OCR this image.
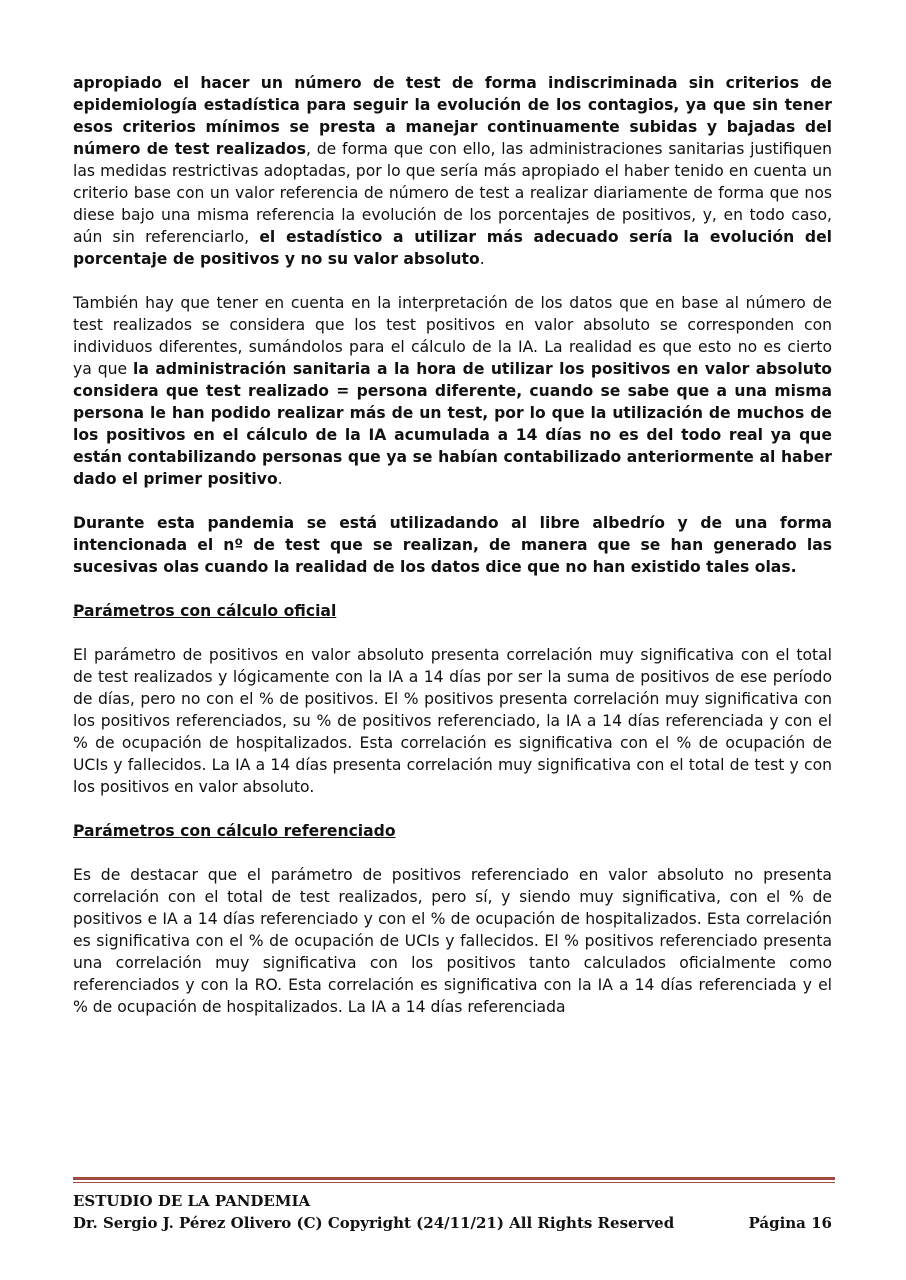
apropiado el hacer un número de test de forma indiscriminada sin criterios de epidemiología estadística para seguir la evolución de los contagios, ya que sin tener esos criterios mínimos se presta a manejar continuamente subidas y bajadas del número de test realizados, de forma que con ello, las administraciones sanitarias justifiquen las medidas restrictivas adoptadas, por lo que sería más apropiado el haber tenido en cuenta un criterio base con un valor referencia de número de test a realizar diariamente de forma que nos diese bajo una misma referencia la evolución de los porcentajes de positivos, y, en todo caso, aún sin referenciarlo, el estadístico a utilizar más adecuado sería la evolución del porcentaje de positivos y no su valor absoluto.

También hay que tener en cuenta en la interpretación de los datos que en base al número de test realizados se considera que los test positivos en valor absoluto se corresponden con individuos diferentes, sumándolos para el cálculo de la IA. La realidad es que esto no es cierto ya que la administración sanitaria a la hora de utilizar los positivos en valor absoluto considera que test realizado = persona diferente, cuando se sabe que a una misma persona le han podido realizar más de un test, por lo que la utilización de muchos de los positivos en el cálculo de la IA acumulada a 14 días no es del todo real ya que están contabilizando personas que ya se habían contabilizado anteriormente al haber dado el primer positivo.

Durante esta pandemia se está utilizadando al libre albedrío y de una forma intencionada el nº de test que se realizan, de manera que se han generado las sucesivas olas cuando la realidad de los datos dice que no han existido tales olas.

Parámetros con cálculo oficial

El parámetro de positivos en valor absoluto presenta correlación muy significativa con el total de test realizados y lógicamente con la IA a 14 días por ser la suma de positivos de ese período de días, pero no con el % de positivos. El % positivos presenta correlación muy significativa con los positivos referenciados, su % de positivos referenciado, la IA a 14 días referenciada y con el % de ocupación de hospitalizados. Esta correlación es significativa con el % de ocupación de UCIs y fallecidos. La IA a 14 días presenta correlación muy significativa con el total de test y con los positivos en valor absoluto.

Parámetros con cálculo referenciado

Es de destacar que el parámetro de positivos referenciado en valor absoluto no presenta correlación con el total de test realizados, pero sí, y siendo muy significativa, con el % de positivos e IA a 14 días referenciado y con el % de ocupación de hospitalizados. Esta correlación es significativa con el % de ocupación de UCIs y fallecidos. El % positivos referenciado presenta una correlación muy significativa con los positivos tanto calculados oficialmente como referenciados y con la RO. Esta correlación es significativa con la IA a 14 días referenciada y el % de ocupación de hospitalizados. La IA a 14 días referenciada

ESTUDIO DE LA PANDEMIA
Dr. Sergio J. Pérez Olivero (C) Copyright (24/11/21) All Rights Reserved	Página 16
